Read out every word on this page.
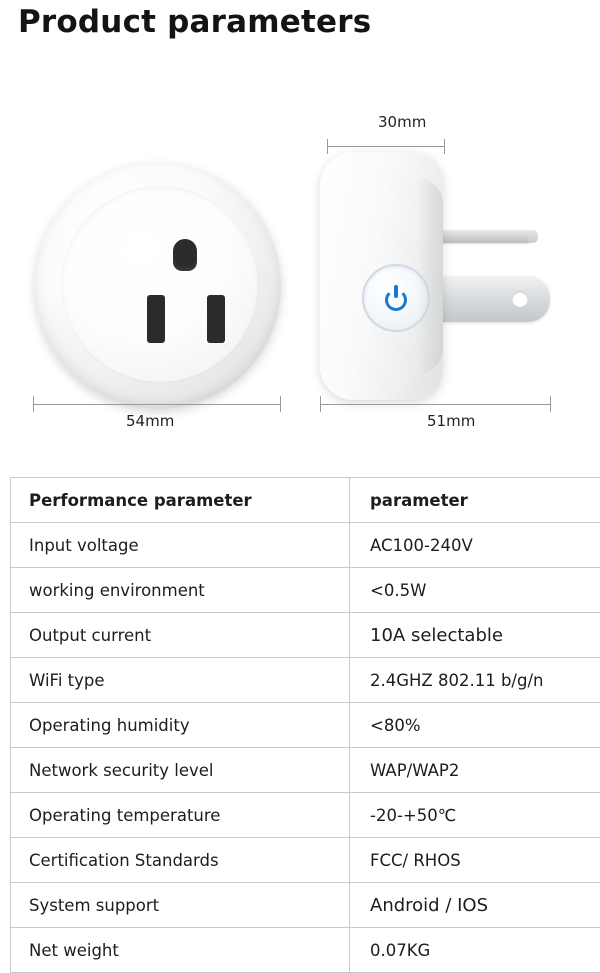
Product parameters
30mm
54mm	51mm
Performance parameter	parameter
Input voltage	AC100-240V
working environment	<0.5W
Output current	10A selectable
WiFi type	2.4GHZ 802.11 b/g/n
Operating humidity	<80%
Network security level	WAP/WAP2
Operating temperature	-20-+50℃
Certification Standards	FCC/ RHOS
System support	Android / IOS
Net weight	0.07KG
